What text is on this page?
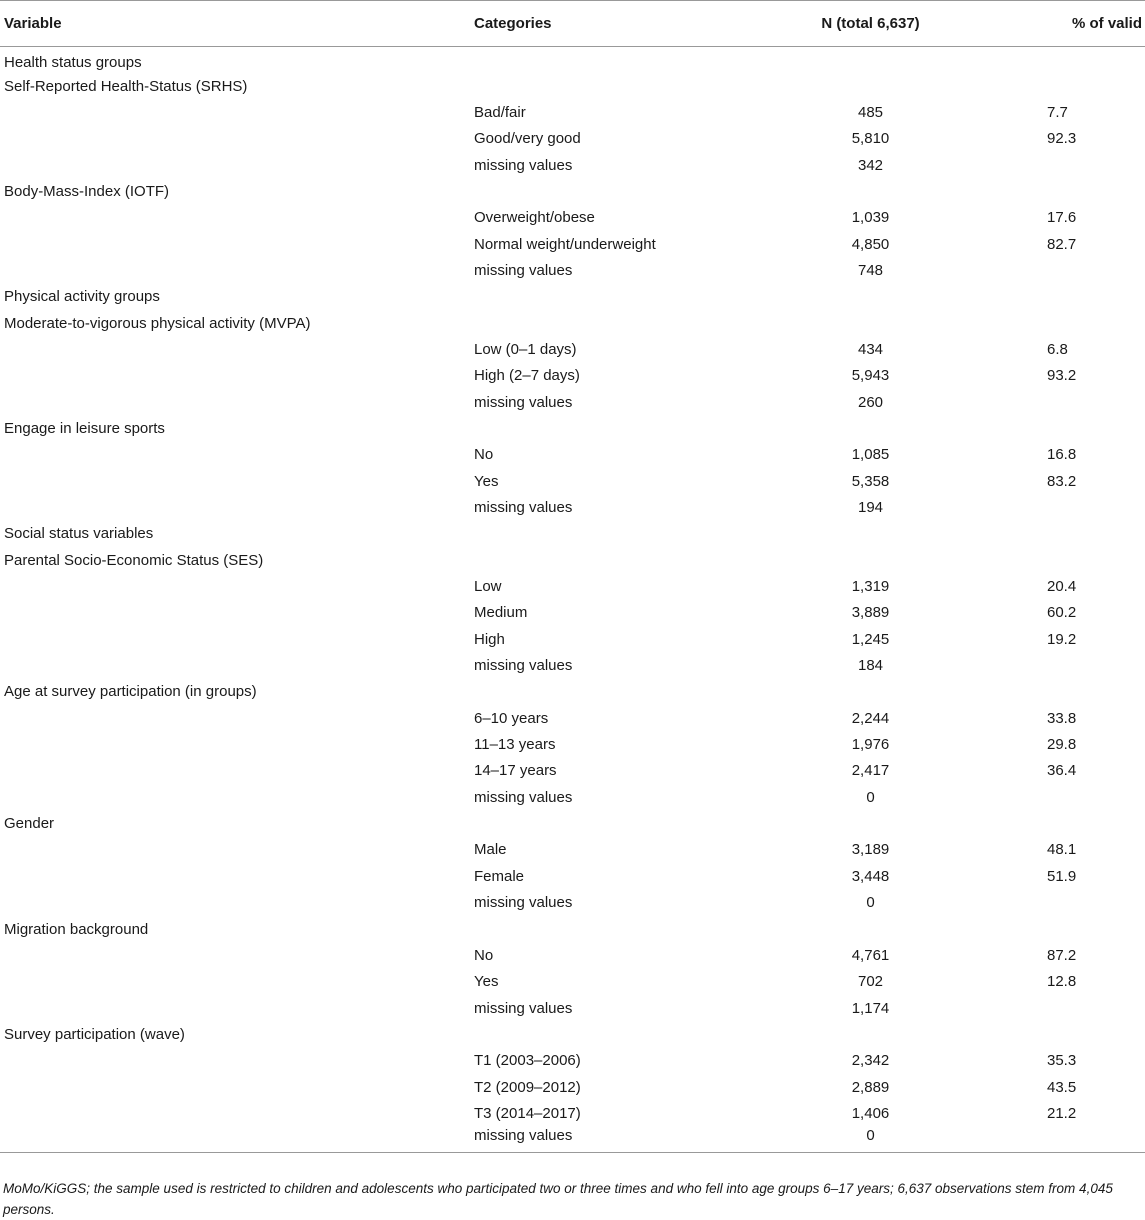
Variable	Categories	N (total 6,637)	% of valid
Health status groups			
Self-Reported Health-Status (SRHS)			
	Bad/fair	485	7.7
	Good/very good	5,810	92.3
	missing values	342	
Body-Mass-Index (IOTF)			
	Overweight/obese	1,039	17.6
	Normal weight/underweight	4,850	82.7
	missing values	748	
Physical activity groups			
Moderate-to-vigorous physical activity (MVPA)			
	Low (0–1 days)	434	6.8
	High (2–7 days)	5,943	93.2
	missing values	260	
Engage in leisure sports			
	No	1,085	16.8
	Yes	5,358	83.2
	missing values	194	
Social status variables			
Parental Socio-Economic Status (SES)			
	Low	1,319	20.4
	Medium	3,889	60.2
	High	1,245	19.2
	missing values	184	
Age at survey participation (in groups)			
	6–10 years	2,244	33.8
	11–13 years	1,976	29.8
	14–17 years	2,417	36.4
	missing values	0	
Gender			
	Male	3,189	48.1
	Female	3,448	51.9
	missing values	0	
Migration background			
	No	4,761	87.2
	Yes	702	12.8
	missing values	1,174	
Survey participation (wave)			
	T1 (2003–2006)	2,342	35.3
	T2 (2009–2012)	2,889	43.5
	T3 (2014–2017)	1,406	21.2
	missing values	0	
MoMo/KiGGS; the sample used is restricted to children and adolescents who participated two or three times and who fell into age groups 6–17 years; 6,637 observations stem from 4,045 persons.
